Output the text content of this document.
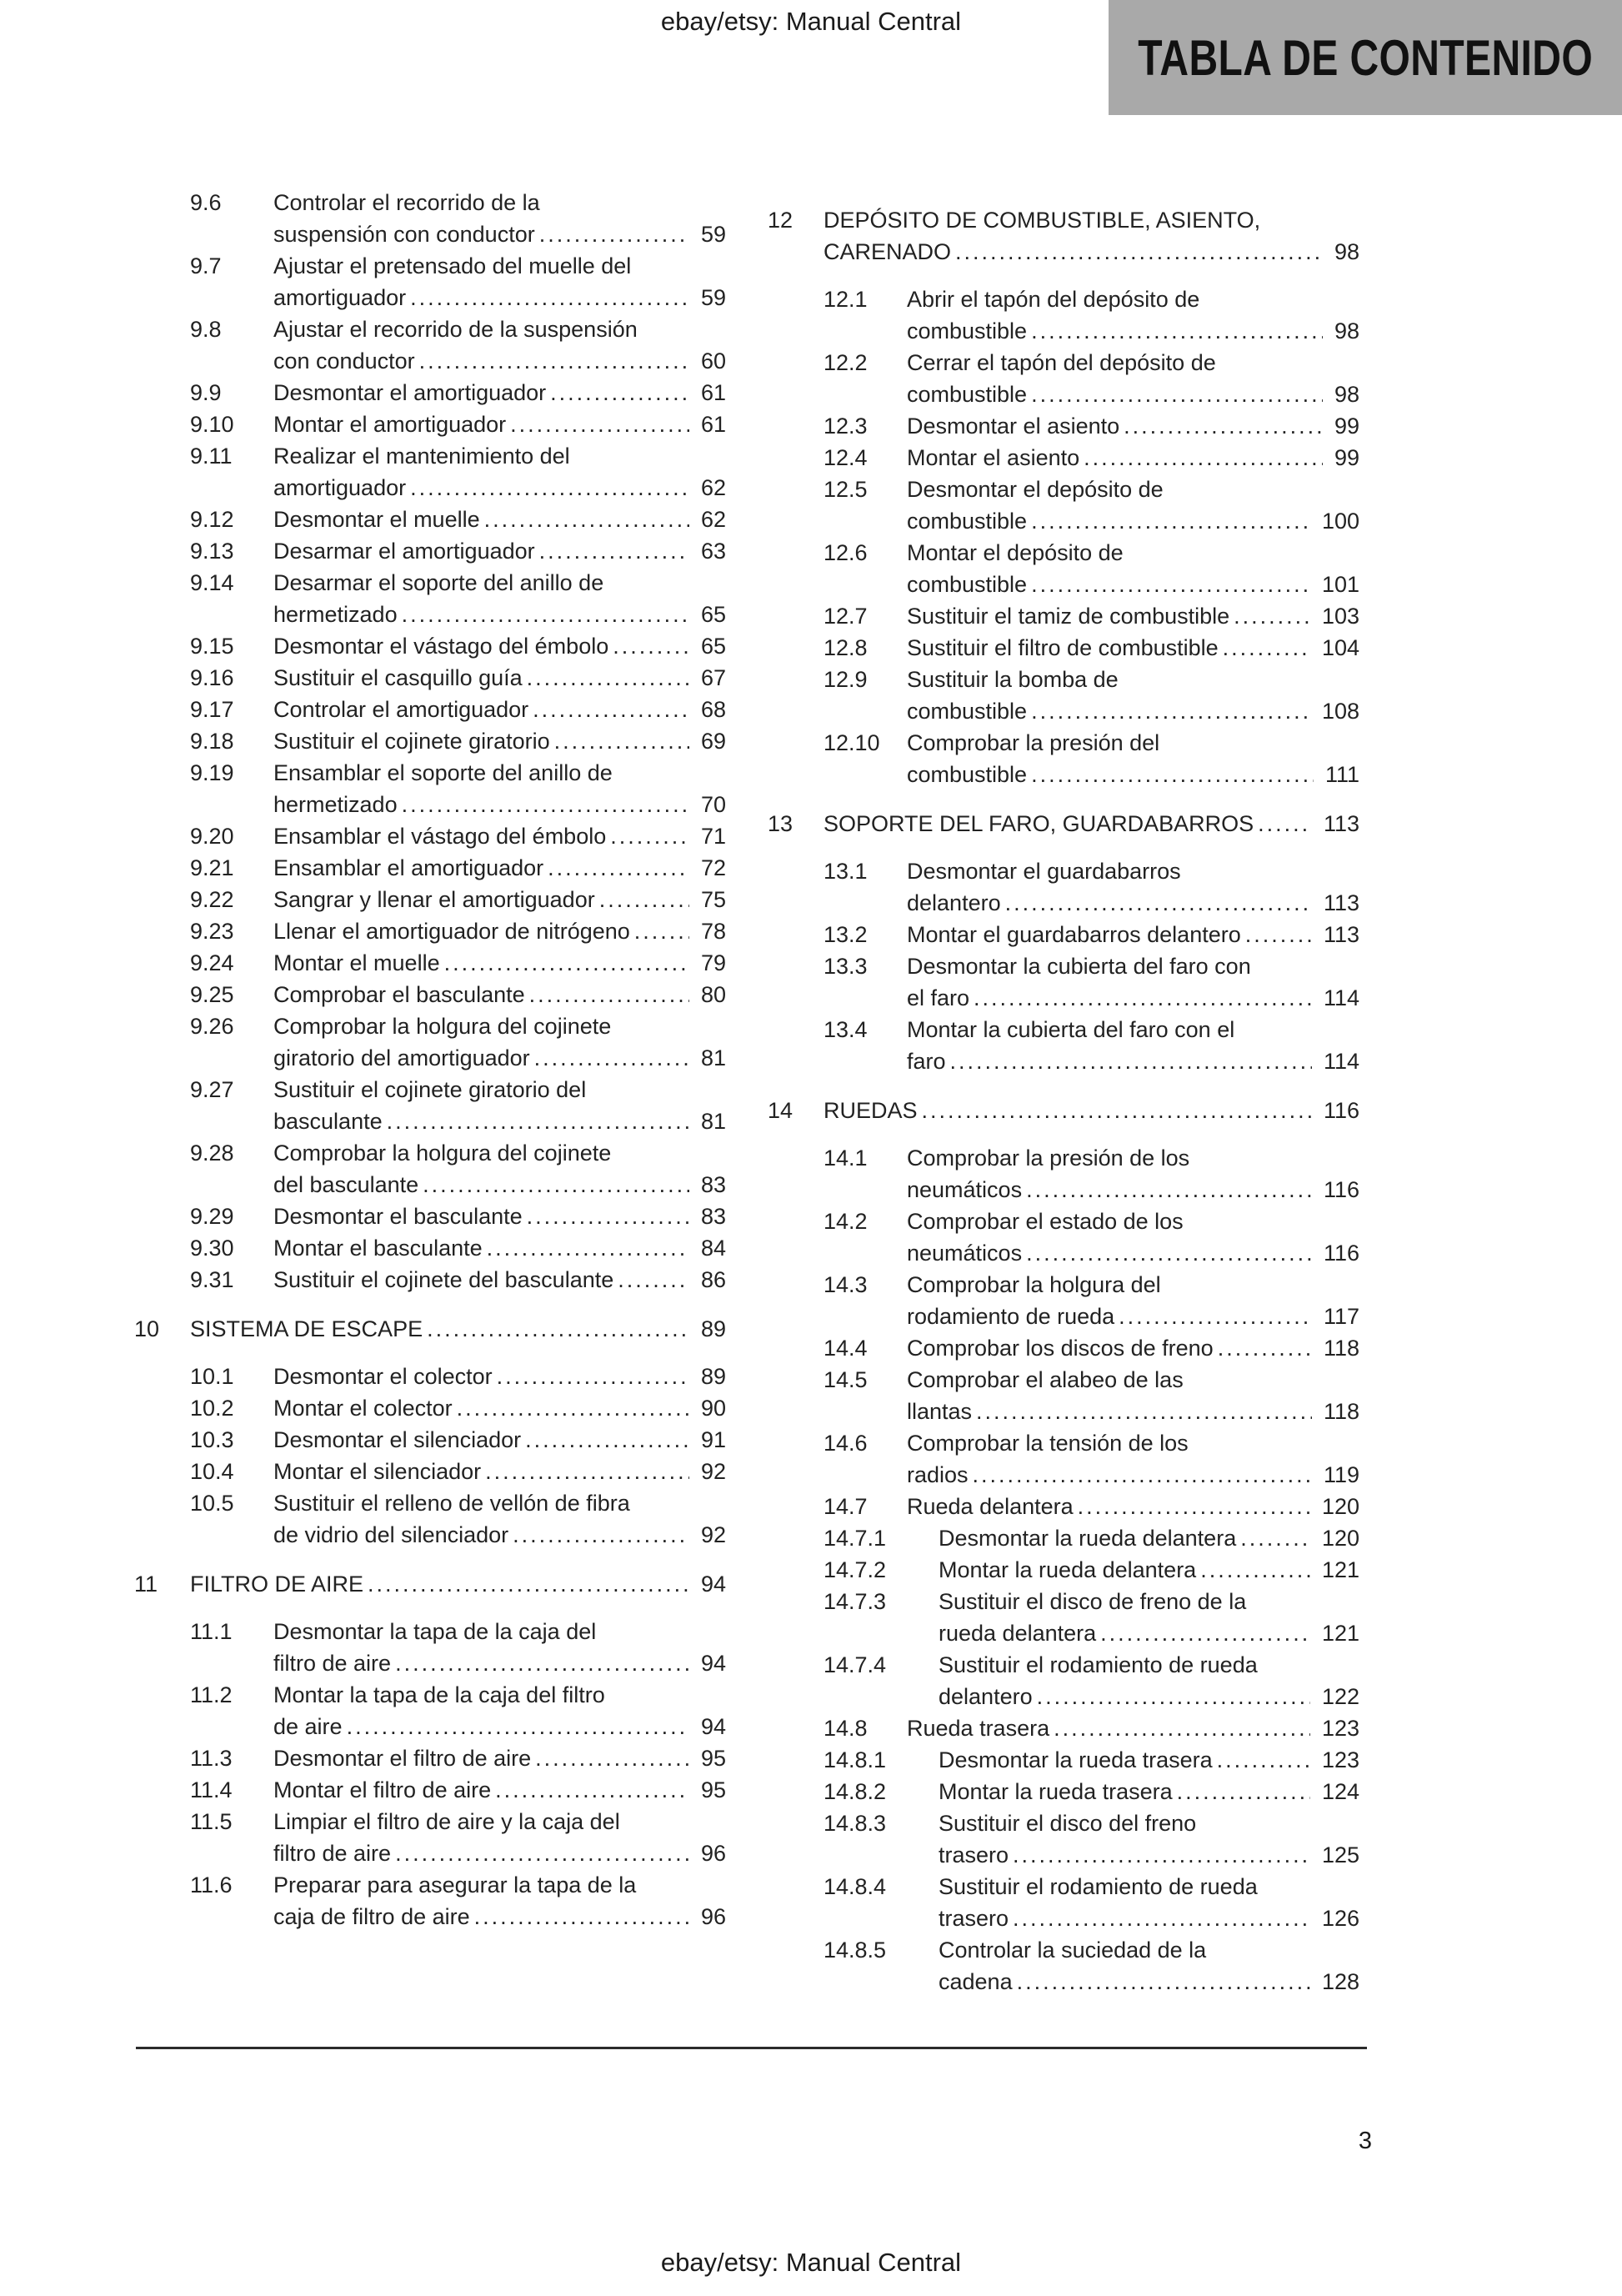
ebay/etsy: Manual Central
TABLA DE CONTENIDO
9.6	Controlar el recorrido de la
suspensión con conductor .....	59
9.7	Ajustar el pretensado del muelle del
amortiguador .....	59
9.8	Ajustar el recorrido de la suspensión
con conductor .....	60
9.9	Desmontar el amortiguador .....	61
9.10	Montar el amortiguador .....	61
9.11	Realizar el mantenimiento del
amortiguador .....	62
9.12	Desmontar el muelle .....	62
9.13	Desarmar el amortiguador .....	63
9.14	Desarmar el soporte del anillo de
hermetizado .....	65
9.15	Desmontar el vástago del émbolo .....	65
9.16	Sustituir el casquillo guía .....	67
9.17	Controlar el amortiguador .....	68
9.18	Sustituir el cojinete giratorio .....	69
9.19	Ensamblar el soporte del anillo de
hermetizado .....	70
9.20	Ensamblar el vástago del émbolo .....	71
9.21	Ensamblar el amortiguador .....	72
9.22	Sangrar y llenar el amortiguador .....	75
9.23	Llenar el amortiguador de nitrógeno .....	78
9.24	Montar el muelle .....	79
9.25	Comprobar el basculante .....	80
9.26	Comprobar la holgura del cojinete
giratorio del amortiguador .....	81
9.27	Sustituir el cojinete giratorio del
basculante .....	81
9.28	Comprobar la holgura del cojinete
del basculante .....	83
9.29	Desmontar el basculante .....	83
9.30	Montar el basculante .....	84
9.31	Sustituir el cojinete del basculante .....	86
10	SISTEMA DE ESCAPE .....	89
10.1	Desmontar el colector .....	89
10.2	Montar el colector .....	90
10.3	Desmontar el silenciador .....	91
10.4	Montar el silenciador .....	92
10.5	Sustituir el relleno de vellón de fibra
de vidrio del silenciador .....	92
11	FILTRO DE AIRE .....	94
11.1	Desmontar la tapa de la caja del
filtro de aire .....	94
11.2	Montar la tapa de la caja del filtro
de aire .....	94
11.3	Desmontar el filtro de aire .....	95
11.4	Montar el filtro de aire .....	95
11.5	Limpiar el filtro de aire y la caja del
filtro de aire .....	96
11.6	Preparar para asegurar la tapa de la
caja de filtro de aire .....	96
12	DEPÓSITO DE COMBUSTIBLE, ASIENTO,
CARENADO .....	98
12.1	Abrir el tapón del depósito de
combustible .....	98
12.2	Cerrar el tapón del depósito de
combustible .....	98
12.3	Desmontar el asiento .....	99
12.4	Montar el asiento .....	99
12.5	Desmontar el depósito de
combustible .....	100
12.6	Montar el depósito de
combustible .....	101
12.7	Sustituir el tamiz de combustible .....	103
12.8	Sustituir el filtro de combustible .....	104
12.9	Sustituir la bomba de
combustible .....	108
12.10	Comprobar la presión del
combustible .....	111
13	SOPORTE DEL FARO, GUARDABARROS .....	113
13.1	Desmontar el guardabarros
delantero .....	113
13.2	Montar el guardabarros delantero .....	113
13.3	Desmontar la cubierta del faro con
el faro .....	114
13.4	Montar la cubierta del faro con el
faro .....	114
14	RUEDAS .....	116
14.1	Comprobar la presión de los
neumáticos .....	116
14.2	Comprobar el estado de los
neumáticos .....	116
14.3	Comprobar la holgura del
rodamiento de rueda .....	117
14.4	Comprobar los discos de freno .....	118
14.5	Comprobar el alabeo de las
llantas .....	118
14.6	Comprobar la tensión de los
radios .....	119
14.7	Rueda delantera .....	120
14.7.1	Desmontar la rueda delantera .....	120
14.7.2	Montar la rueda delantera .....	121
14.7.3	Sustituir el disco de freno de la
rueda delantera .....	121
14.7.4	Sustituir el rodamiento de rueda
delantero .....	122
14.8	Rueda trasera .....	123
14.8.1	Desmontar la rueda trasera .....	123
14.8.2	Montar la rueda trasera .....	124
14.8.3	Sustituir el disco del freno
trasero .....	125
14.8.4	Sustituir el rodamiento de rueda
trasero .....	126
14.8.5	Controlar la suciedad de la
cadena .....	128
3
ebay/etsy: Manual Central
